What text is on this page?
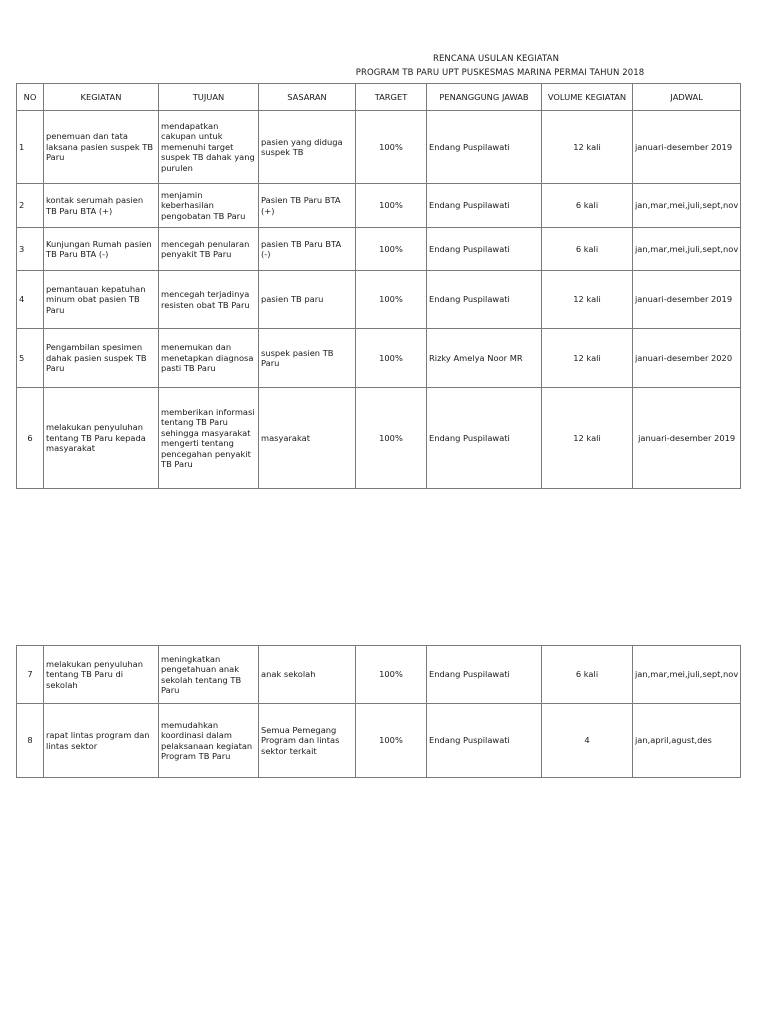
RENCANA USULAN KEGIATAN
PROGRAM TB PARU UPT PUSKESMAS MARINA PERMAI TAHUN 2018
NO	KEGIATAN	TUJUAN	SASARAN	TARGET	PENANGGUNG JAWAB	VOLUME KEGIATAN	JADWAL
1	penemuan dan tata laksana pasien suspek TB Paru	mendapatkan cakupan untuk memenuhi target suspek TB dahak yang purulen	pasien yang diduga suspek TB	100%	Endang Puspilawati	12 kali	januari-desember 2019
2	kontak serumah pasien TB Paru BTA (+)	menjamin keberhasilan pengobatan TB Paru	Pasien TB Paru BTA (+)	100%	Endang Puspilawati	6 kali	jan,mar,mei,juli,sept,nov
3	Kunjungan Rumah pasien TB Paru BTA (-)	mencegah penularan penyakit TB Paru	pasien TB Paru BTA (-)	100%	Endang Puspilawati	6 kali	jan,mar,mei,juli,sept,nov
4	pemantauan kepatuhan minum obat pasien TB Paru	mencegah terjadinya resisten obat TB Paru	pasien TB paru	100%	Endang Puspilawati	12 kali	januari-desember 2019
5	Pengambilan spesimen dahak pasien suspek TB Paru	menemukan dan menetapkan diagnosa pasti TB Paru	suspek pasien TB Paru	100%	Rizky Amelya Noor MR	12 kali	januari-desember 2020
6	melakukan penyuluhan tentang TB Paru kepada masyarakat	memberikan informasi tentang TB Paru sehingga masyarakat mengerti tentang pencegahan penyakit TB Paru	masyarakat	100%	Endang Puspilawati	12 kali	januari-desember 2019
7	melakukan penyuluhan tentang TB Paru di sekolah	meningkatkan pengetahuan anak sekolah tentang TB Paru	anak sekolah	100%	Endang Puspilawati	6 kali	jan,mar,mei,juli,sept,nov
8	rapat lintas program dan lintas sektor	memudahkan koordinasi dalam pelaksanaan kegiatan Program TB Paru	Semua Pemegang Program dan lintas sektor terkait	100%	Endang Puspilawati	4	jan,april,agust,des
